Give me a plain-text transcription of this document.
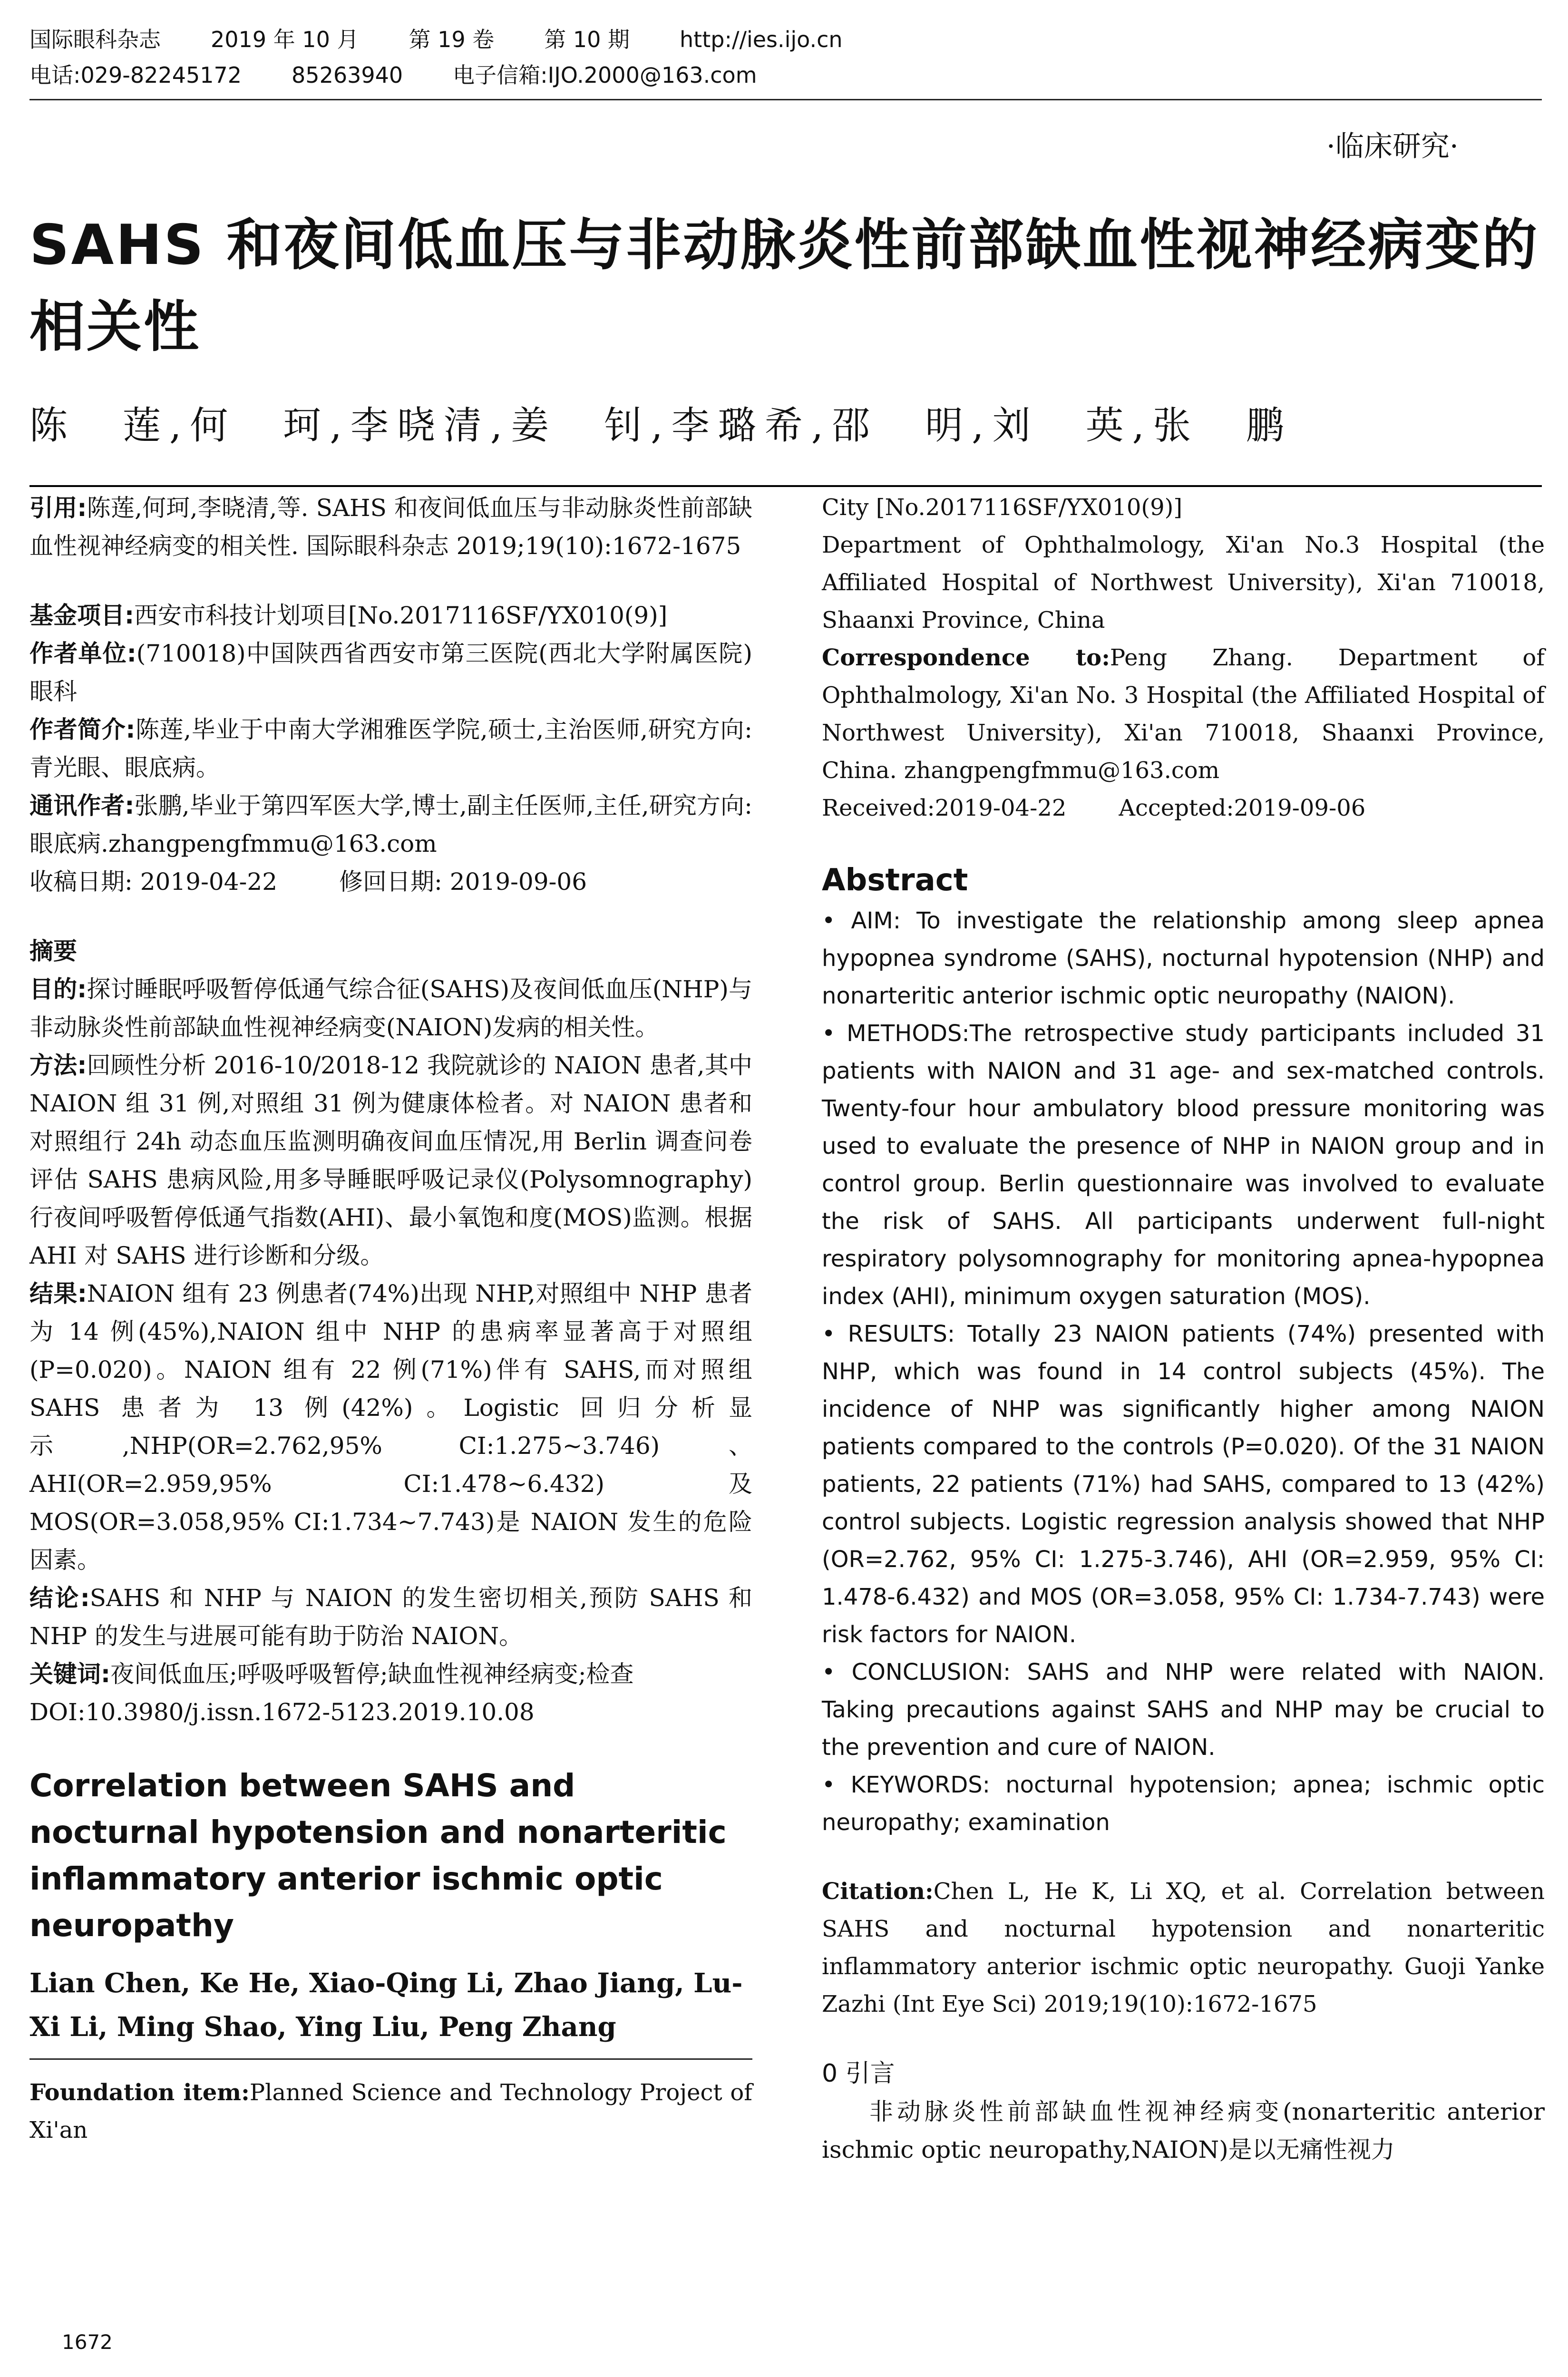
国际眼科杂志 2019 年 10 月 第 19 卷 第 10 期 http://ies.ijo.cn
电话:029-82245172 85263940 电子信箱:IJO.2000@163.com
·临床研究·
SAHS 和夜间低血压与非动脉炎性前部缺血性视神经病变的相关性
陈　莲,何　珂,李晓清,姜　钊,李璐希,邵　明,刘　英,张　鹏

引用:陈莲,何珂,李晓清,等. SAHS 和夜间低血压与非动脉炎性前部缺血性视神经病变的相关性. 国际眼科杂志 2019;19(10):1672-1675

基金项目:西安市科技计划项目[No.2017116SF/YX010(9)]

作者单位:(710018)中国陕西省西安市第三医院(西北大学附属医院)眼科

作者简介:陈莲,毕业于中南大学湘雅医学院,硕士,主治医师,研究方向:青光眼、眼底病。

通讯作者:张鹏,毕业于第四军医大学,博士,副主任医师,主任,研究方向:眼底病.zhangpengfmmu@163.com

收稿日期: 2019-04-22	修回日期: 2019-09-06

摘要

目的:探讨睡眠呼吸暂停低通气综合征(SAHS)及夜间低血压(NHP)与非动脉炎性前部缺血性视神经病变(NAION)发病的相关性。

方法:回顾性分析 2016-10/2018-12 我院就诊的 NAION 患者,其中 NAION 组 31 例,对照组 31 例为健康体检者。对 NAION 患者和对照组行 24h 动态血压监测明确夜间血压情况,用 Berlin 调查问卷评估 SAHS 患病风险,用多导睡眠呼吸记录仪(Polysomnography)行夜间呼吸暂停低通气指数(AHI)、最小氧饱和度(MOS)监测。根据 AHI 对 SAHS 进行诊断和分级。

结果:NAION 组有 23 例患者(74%)出现 NHP,对照组中 NHP 患者为 14 例(45%),NAION 组中 NHP 的患病率显著高于对照组(P=0.020)。NAION 组有 22 例(71%)伴有 SAHS,而对照组 SAHS 患者为 13 例(42%)。Logistic 回归分析显示,NHP(OR=2.762,95% CI:1.275~3.746)、AHI(OR=2.959,95% CI:1.478~6.432)及 MOS(OR=3.058,95% CI:1.734~7.743)是 NAION 发生的危险因素。

结论:SAHS 和 NHP 与 NAION 的发生密切相关,预防 SAHS 和 NHP 的发生与进展可能有助于防治 NAION。

关键词:夜间低血压;呼吸呼吸暂停;缺血性视神经病变;检查

DOI:10.3980/j.issn.1672-5123.2019.10.08

Correlation between SAHS and nocturnal hypotension and nonarteritic inflammatory anterior ischmic optic neuropathy

Lian Chen, Ke He, Xiao-Qing Li, Zhao Jiang, Lu-Xi Li, Ming Shao, Ying Liu, Peng Zhang

Foundation item:Planned Science and Technology Project of Xi'an

City [No.2017116SF/YX010(9)]

Department of Ophthalmology, Xi'an No.3 Hospital (the Affiliated Hospital of Northwest University), Xi'an 710018, Shaanxi Province, China

Correspondence to:Peng Zhang. Department of Ophthalmology, Xi'an No. 3 Hospital (the Affiliated Hospital of Northwest University), Xi'an 710018, Shaanxi Province, China. zhangpengfmmu@163.com

Received:2019-04-22 Accepted:2019-09-06

Abstract

• AIM: To investigate the relationship among sleep apnea hypopnea syndrome (SAHS), nocturnal hypotension (NHP) and nonarteritic anterior ischmic optic neuropathy (NAION).

• METHODS:The retrospective study participants included 31 patients with NAION and 31 age- and sex-matched controls. Twenty-four hour ambulatory blood pressure monitoring was used to evaluate the presence of NHP in NAION group and in control group. Berlin questionnaire was involved to evaluate the risk of SAHS. All participants underwent full-night respiratory polysomnography for monitoring apnea-hypopnea index (AHI), minimum oxygen saturation (MOS).

• RESULTS: Totally 23 NAION patients (74%) presented with NHP, which was found in 14 control subjects (45%). The incidence of NHP was significantly higher among NAION patients compared to the controls (P=0.020). Of the 31 NAION patients, 22 patients (71%) had SAHS, compared to 13 (42%) control subjects. Logistic regression analysis showed that NHP (OR=2.762, 95% CI: 1.275-3.746), AHI (OR=2.959, 95% CI: 1.478-6.432) and MOS (OR=3.058, 95% CI: 1.734-7.743) were risk factors for NAION.

• CONCLUSION: SAHS and NHP were related with NAION. Taking precautions against SAHS and NHP may be crucial to the prevention and cure of NAION.

• KEYWORDS: nocturnal hypotension; apnea; ischmic optic neuropathy; examination

Citation:Chen L, He K, Li XQ, et al. Correlation between SAHS and nocturnal hypotension and nonarteritic inflammatory anterior ischmic optic neuropathy. Guoji Yanke Zazhi (Int Eye Sci) 2019;19(10):1672-1675

0 引言

非动脉炎性前部缺血性视神经病变(nonarteritic anterior ischmic optic neuropathy,NAION)是以无痛性视力

1672
